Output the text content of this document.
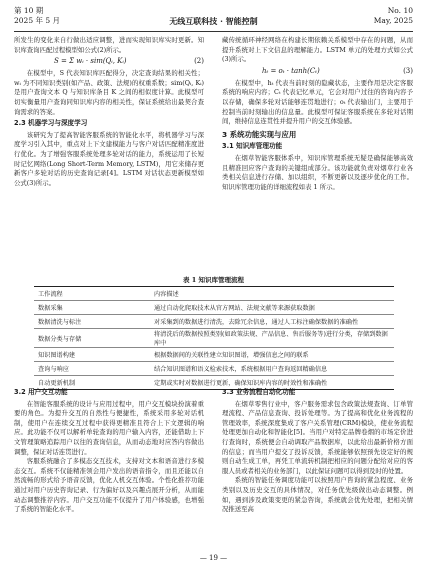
第 10 期
2025 年 5 月	无线互联科技 · 智能控制
No. 10
May, 2025

所发生的变化来自行做出适应调整，进而实现知识库实时更新。知识库查询匹配过程模型如公式(2)所示。

S = Σ wᵢ · sim(Qᵢ, Kᵢ)	(2)

在模型中，S 代表知识库匹配得分，决定查询结果的相关性；wᵢ 为不同知识类别(如产品、政策、法规)的权重系数；sim(Qᵢ, Kᵢ) 是用户查询文本 Q 与知识库条目 K 之间的相似度计算。此模型可切实衡量用户查询同知识库内容的相关性，保证系统给出最契合查询需求的答案。

2.3 机器学习与深度学习

该研究为了提高智能客服系统的智能化水平，将机器学习与深度学习引入其中，重点对上下文建模能力与客户对话匹配精准度进行优化。为了增强客服系统处理多轮对话的能力，系统运用了长短时记忆网络(Long Short-Term Memory, LSTM)，用它来储存更新客户多轮对话的历史查询记录[4]。LSTM 对话状态更新模型如公式(3)所示。

藏传统循环神经网络在构建长期依赖关系模型中存在的问题，从而提升系统对上下文信息的理解能力。LSTM 单元的处理方式如公式(3)所示。

hₜ = oₜ · tanh(Cₜ)	(3)

在模型中，hₜ 代表当前时刻的隐藏状态，主要作用是决定客服系统的响应内容；Cₜ 代表记忆单元，它会对用户过往的咨询内容予以存储，确保多轮对话能够连贯地进行；oₜ 代表输出门，主要用于控制当前时刻输出的信息量。此模型可保证客服系统在多轮对话期间，维持信息连贯性并提升用户的交互体验感。

3 系统功能实现与应用
3.1 知识库管理功能

在烟草智能客服体系中，知识库管理系统无疑是确保能够高效且精准回应客户查询的关键组成部分。该功能就负责对烟草行业各类相关信息进行存储、加以组织，不断更新以及逐步优化的工作。知识库管理功能的详细流程如表 1 所示。

表 1 知识库管理流程
工作流程	内容描述
数据采集	通过自动化爬取技术从官方网站、法规文献等来源获取数据
数据清洗与标注	对采集到的数据进行清洗，去除冗余信息，通过人工标注确保数据的准确性
数据分类与存储	将清洗后的数据按照类别(如政策法规、产品信息、售后服务等)进行分类，存储到数据库中
知识图谱构建	根据数据间的关联性建立知识图谱，增强信息之间的联系
查询与响应	结合知识图谱和语义检索技术，系统根据用户查询返回精确信息
自动更新机制	定期或实时对数据进行更新，确保知识库内容的时效性和准确性
3.2 用户交互功能

在智能客服系统的设计与应用过程中，用户交互模块扮演着重要的角色。为提升交互的自然性与便捷性，系统采用多轮对话机制，使用户在连续交互过程中获得更精准且符合上下文逻辑的响应。此功能不仅可以解析单轮查询的用户输入内容，还能借助上下文管理策略追踪用户以往的查询信息，从而动态地对应答内容做出调整，保证对话连贯进行。

客服系统融合了多模态交互技术，支持对文本和语音进行多模态交互。系统不仅能精准领会用户发出的语音指令，而且还能以自然流畅的形式给予语音反馈，优化人机交互体验。个性化推荐功能通过对用户历史咨询记录、行为偏好以及兴趣点展开分析，从而能动态调整推荐内容。用户交互功能不仅提升了用户体验感，也增强了系统的智能化水平。

3.3 业务流程自动化功能

在烟草零售行业中，客户服务需求包含政策法规查询、订单管理流程、产品信息查询、投诉处理等。为了提高和优化业务流程的管理效率，系统深度集成了客户关系管理(CRM)模块，使业务流程处理更加自动化和智能化[5]。当用户对特定品牌卷烟的市场定价进行查询时，系统便会自动调取产品数据库，以此给出最新价格方面的信息；而当用户提交了投诉反馈，系统能够依照预先设定好的规则自动生成工单，再凭工单流转机制把相应的问题分配给对应的客服人员或者相关的业务部门，以此保证问题可以得到及时的处置。

系统的智能任务调度功能可以按照用户咨询的紧急程度、业务类别以及历史交互的具体情况，对任务优先级做出动态调整。例如，遇到涉及政策变更的紧急咨询，系统就会优先处理，把相关情况推送至高

— 19 —
